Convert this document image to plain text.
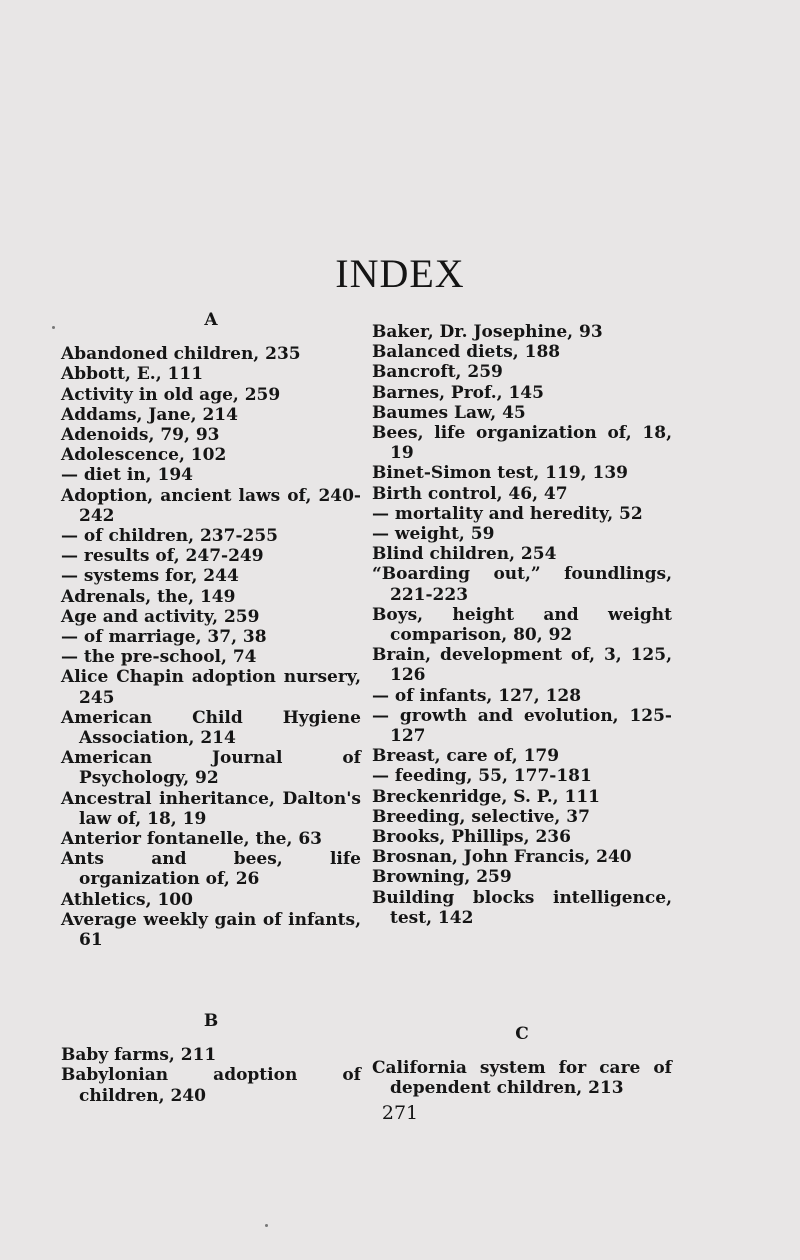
INDEX
A
Abandoned children, 235
Abbott, E., 111
Activity in old age, 259
Addams, Jane, 214
Adenoids, 79, 93
Adolescence, 102
— diet in, 194
Adoption, ancient laws of, 240-242
— of children, 237-255
— results of, 247-249
— systems for, 244
Adrenals, the, 149
Age and activity, 259
— of marriage, 37, 38
— the pre-school, 74
Alice Chapin adoption nursery, 245
American Child Hygiene Association, 214
American Journal of Psychology, 92
Ancestral inheritance, Dalton's law of, 18, 19
Anterior fontanelle, the, 63
Ants and bees, life organization of, 26
Athletics, 100
Average weekly gain of infants, 61
Baker, Dr. Josephine, 93
Balanced diets, 188
Bancroft, 259
Barnes, Prof., 145
Baumes Law, 45
Bees, life organization of, 18, 19
Binet-Simon test, 119, 139
Birth control, 46, 47
— mortality and heredity, 52
— weight, 59
Blind children, 254
“Boarding out,” foundlings, 221-223
Boys, height and weight comparison, 80, 92
Brain, development of, 3, 125, 126
— of infants, 127, 128
— growth and evolution, 125-127
Breast, care of, 179
— feeding, 55, 177-181
Breckenridge, S. P., 111
Breeding, selective, 37
Brooks, Phillips, 236
Brosnan, John Francis, 240
Browning, 259
Building blocks intelligence, test, 142
B
Baby farms, 211
Babylonian adoption of children, 240
C
California system for care of dependent children, 213
271
